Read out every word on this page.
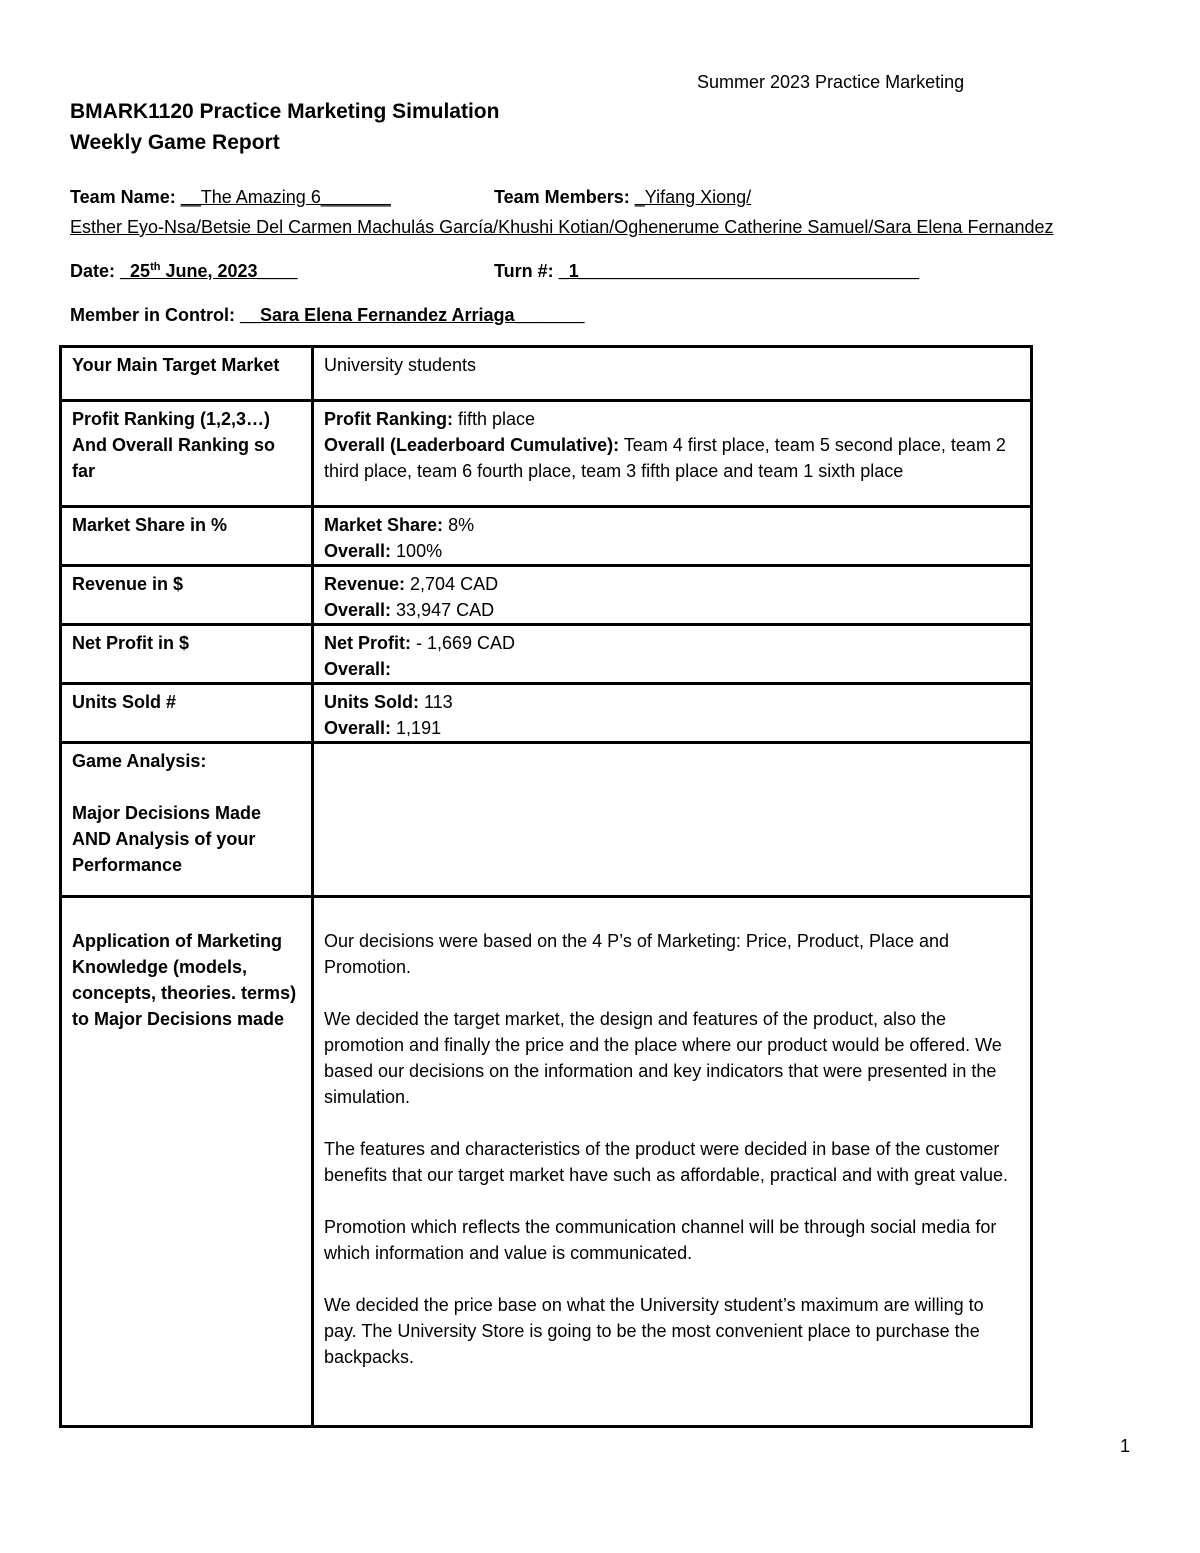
Summer 2023 Practice Marketing
BMARK1120 Practice Marketing Simulation
Weekly Game Report
Team Name: __The Amazing 6_______	Team Members: _Yifang Xiong/
Esther Eyo-Nsa/Betsie Del Carmen Machulás García/Khushi Kotian/Oghenerume Catherine Samuel/Sara Elena Fernandez
Date: _25th June, 2023____	Turn #: _1__________________________________
Member in Control: __Sara Elena Fernandez Arriaga_______
Your Main Target Market	University students
Profit Ranking (1,2,3…) And Overall Ranking so far	Profit Ranking: fifth place
Overall (Leaderboard Cumulative): Team 4 first place, team 5 second place, team 2 third place, team 6 fourth place, team 3 fifth place and team 1 sixth place

Market Share in %	Market Share: 8%
Overall: 100%

Revenue in $	Revenue: 2,704 CAD
Overall: 33,947 CAD

Net Profit in $	Net Profit: - 1,669 CAD
Overall:

Units Sold #	Units Sold: 113
Overall: 1,191

Game Analysis:
Major Decisions Made AND Analysis of your Performance	

Application of Marketing Knowledge (models, concepts, theories. terms) to Major Decisions made	Our decisions were based on the 4 P’s of Marketing: Price, Product, Place and Promotion.
We decided the target market, the design and features of the product, also the promotion and finally the price and the place where our product would be offered. We based our decisions on the information and key indicators that were presented in the simulation.
The features and characteristics of the product were decided in base of the customer benefits that our target market have such as affordable, practical and with great value.
Promotion which reflects the communication channel will be through social media for which information and value is communicated.
We decided the price base on what the University student’s maximum are willing to pay. The University Store is going to be the most convenient place to purchase the backpacks.
1
